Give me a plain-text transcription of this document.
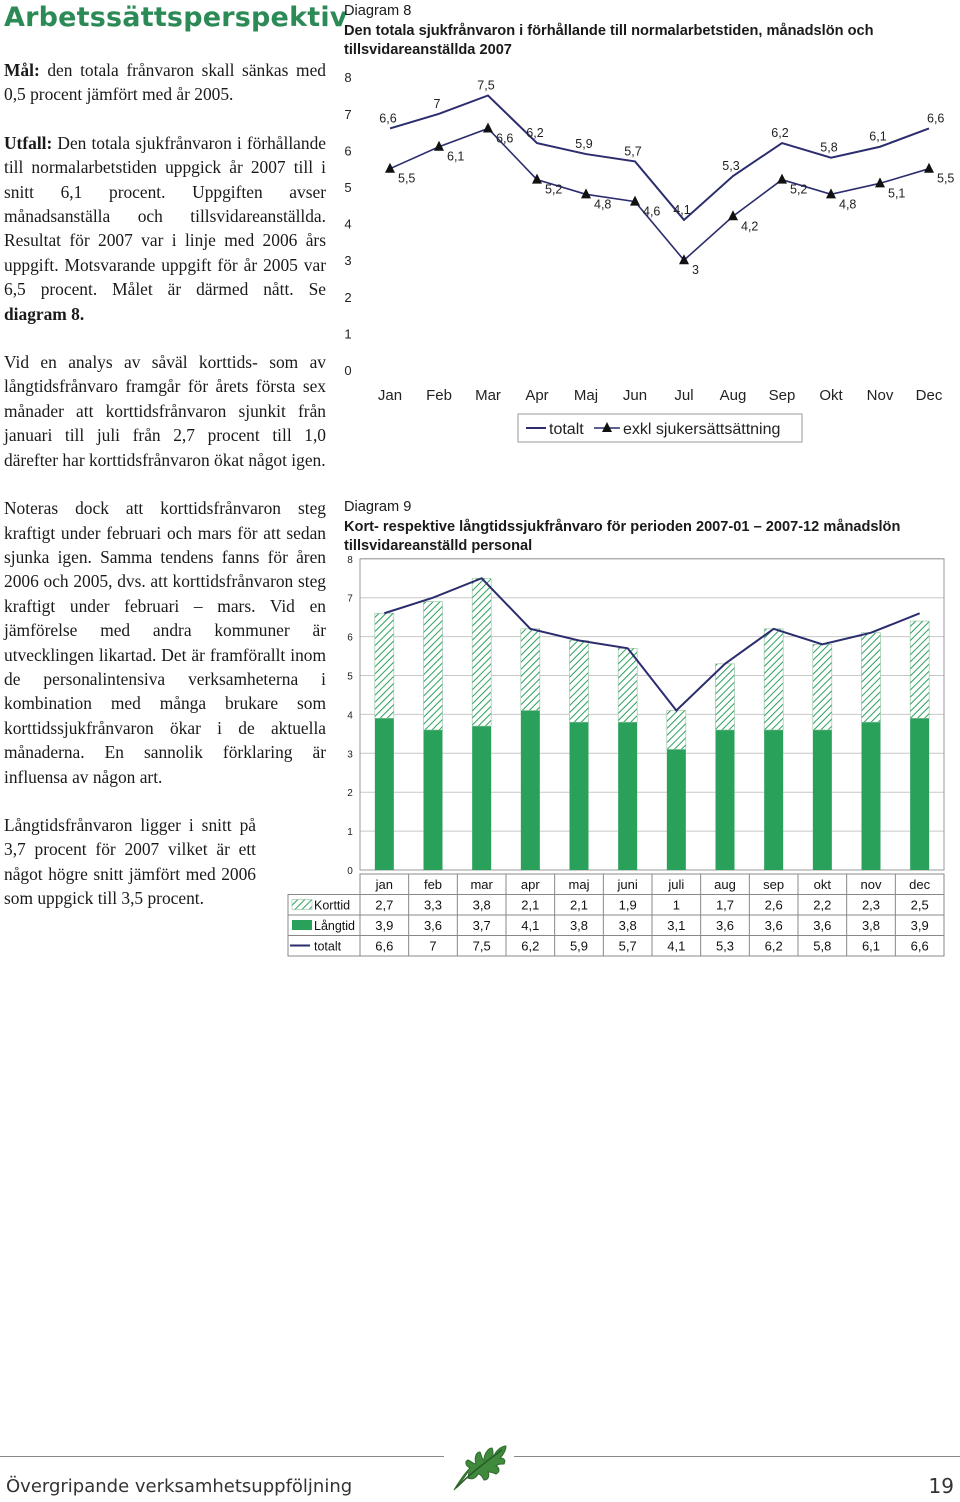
Arbetssättsperspektiv

Mål: den totala frånvaron skall sänkas med 0,5 procent jämfört med år 2005.

Utfall: Den totala sjukfrånvaron i förhållande till normalarbetstiden uppgick år 2007 till i snitt 6,1 procent. Uppgiften avser månadsanställa och tillsvidareanställda. Resultat för 2007 var i linje med 2006 års uppgift. Motsvarande uppgift för år 2005 var 6,5 procent. Målet är därmed nått. Se diagram 8.

Vid en analys av såväl korttids- som av långtidsfrånvaro framgår för årets första sex månader att korttidsfrånvaron sjunkit från januari till juli från 2,7 procent till 1,0 därefter har korttidsfrånvaron ökat något igen.

Noteras dock att korttidsfrånvaron steg kraftigt under februari och mars för att sedan sjunka igen. Samma tendens fanns för åren 2006 och 2005, dvs. att korttidsfrånvaron steg kraftigt under februari – mars. Vid en jämförelse med andra kommuner är utvecklingen likartad. Det är framförallt inom de personalintensiva verksamheterna i kombination med många brukare som korttidssjukfrånvaron ökar i de aktuella månaderna. En sannolik förklaring är influensa av någon art.

Långtidsfrånvaron ligger i snitt på 3,7 procent för 2007 vilket är ett något högre snitt jämfört med 2006 som uppgick till 3,5 procent.

Diagram 8
Den totala sjukfrånvaron i förhållande till normalarbetstiden, månadslön och tillsvidareanställda 2007
0
1
2
3
4
5
6
7
8
Jan Feb Mar Apr Maj Jun Jul Aug Sep Okt Nov Dec
6,6
7
7,5
6,2
5,9
5,7
4,1
5,3
6,2
5,8
6,1
6,6
5,5
6,1
6,6
5,2
4,8
4,6
3
4,2
5,2
4,8
5,1
5,5
totalt exkl sjukersättsättning
Diagram 9
Kort- respektive långtidssjukfrånvaro för perioden 2007-01 – 2007-12 månadslön tillsvidareanställd personal
0
1
2
3
4
5
6
7
8
jan feb mar apr maj juni juli aug sep okt nov dec
Korttid 2,7 3,3 3,8 2,1 2,1 1,9	1	1,7 2,6 2,2 2,3 2,5
Långtid 3,9 3,6 3,7 4,1 3,8 3,8 3,1 3,6 3,6 3,6 3,8 3,9
totalt	6,6	7	7,5 6,2 5,9 5,7 4,1 5,3 6,2 5,8 6,1 6,6
Övergripande verksamhetsuppföljning	19
